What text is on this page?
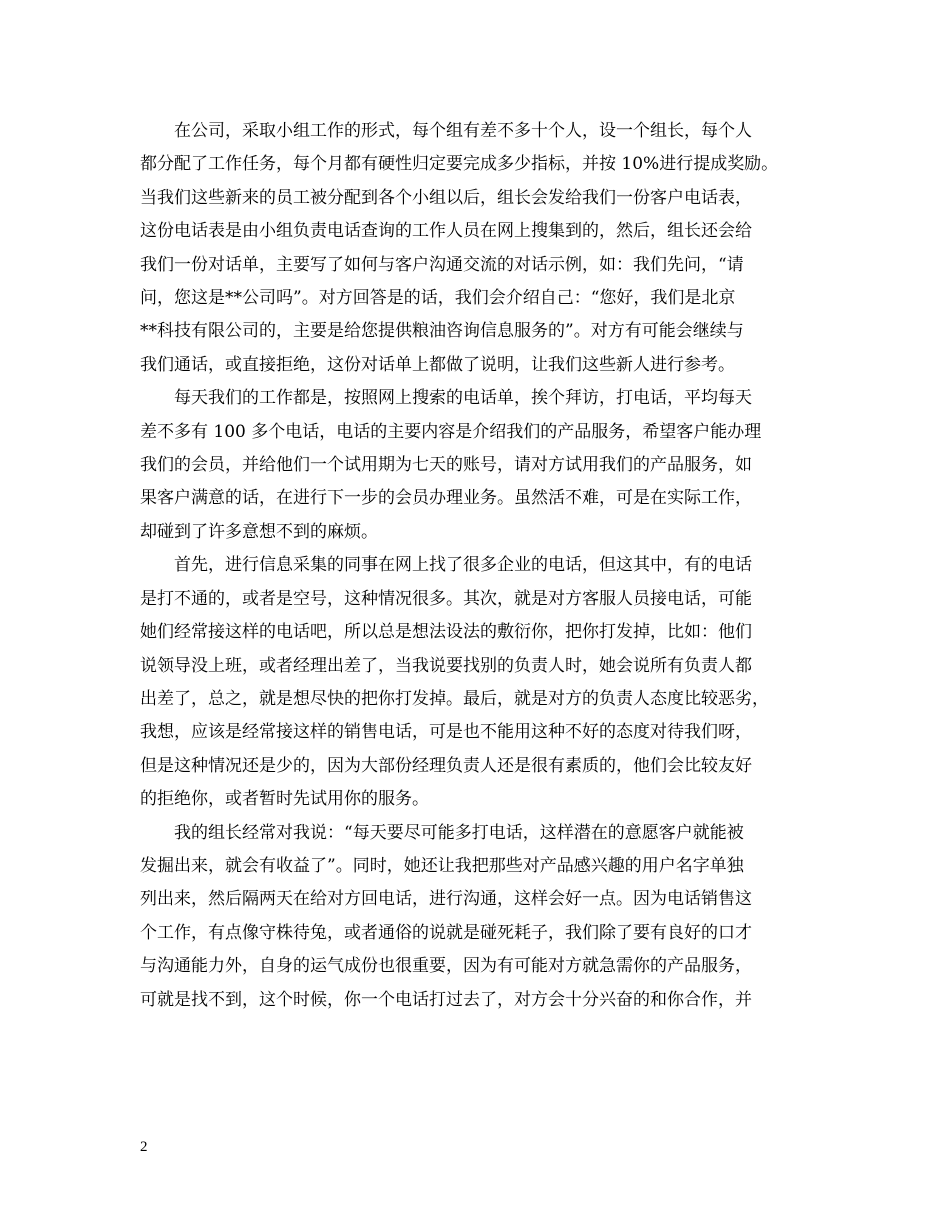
在公司，采取小组工作的形式，每个组有差不多十个人，设一个组长，每个人
都分配了工作任务，每个月都有硬性归定要完成多少指标，并按 10%进行提成奖励。
当我们这些新来的员工被分配到各个小组以后，组长会发给我们一份客户电话表，
这份电话表是由小组负责电话查询的工作人员在网上搜集到的，然后，组长还会给
我们一份对话单，主要写了如何与客户沟通交流的对话示例，如：我们先问，“请
问，您这是**公司吗”。对方回答是的话，我们会介绍自己：“您好，我们是北京
**科技有限公司的，主要是给您提供粮油咨询信息服务的”。对方有可能会继续与
我们通话，或直接拒绝，这份对话单上都做了说明，让我们这些新人进行参考。
每天我们的工作都是，按照网上搜索的电话单，挨个拜访，打电话，平均每天
差不多有 100 多个电话，电话的主要内容是介绍我们的产品服务，希望客户能办理
我们的会员，并给他们一个试用期为七天的账号，请对方试用我们的产品服务，如
果客户满意的话，在进行下一步的会员办理业务。虽然活不难，可是在实际工作，
却碰到了许多意想不到的麻烦。
首先，进行信息采集的同事在网上找了很多企业的电话，但这其中，有的电话
是打不通的，或者是空号，这种情况很多。其次，就是对方客服人员接电话，可能
她们经常接这样的电话吧，所以总是想法设法的敷衍你，把你打发掉，比如：他们
说领导没上班，或者经理出差了，当我说要找别的负责人时，她会说所有负责人都
出差了，总之，就是想尽快的把你打发掉。最后，就是对方的负责人态度比较恶劣，
我想，应该是经常接这样的销售电话，可是也不能用这种不好的态度对待我们呀，
但是这种情况还是少的，因为大部份经理负责人还是很有素质的，他们会比较友好
的拒绝你，或者暂时先试用你的服务。
我的组长经常对我说：“每天要尽可能多打电话，这样潜在的意愿客户就能被
发掘出来，就会有收益了”。同时，她还让我把那些对产品感兴趣的用户名字单独
列出来，然后隔两天在给对方回电话，进行沟通，这样会好一点。因为电话销售这
个工作，有点像守株待兔，或者通俗的说就是碰死耗子，我们除了要有良好的口才
与沟通能力外，自身的运气成份也很重要，因为有可能对方就急需你的产品服务，
可就是找不到，这个时候，你一个电话打过去了，对方会十分兴奋的和你合作，并
2
